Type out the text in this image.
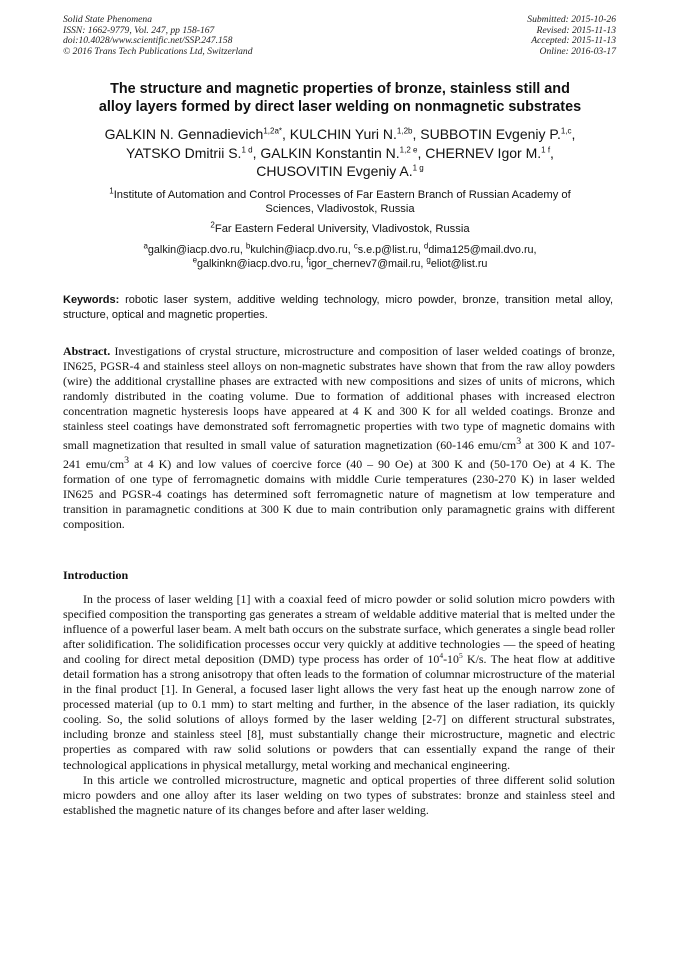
Solid State Phenomena
ISSN: 1662-9779, Vol. 247, pp 158-167
doi:10.4028/www.scientific.net/SSP.247.158
© 2016 Trans Tech Publications Ltd, Switzerland
Submitted: 2015-10-26
Revised: 2015-11-13
Accepted: 2015-11-13
Online: 2016-03-17
The structure and magnetic properties of bronze, stainless still and
alloy layers formed by direct laser welding on nonmagnetic substrates
GALKIN N. Gennadievich$^{1,2a*}$, KULCHIN Yuri N.$^{1,2b}$, SUBBOTIN Evgeniy P.$^{1,c}$,
YATSKO Dmitrii S.$^{1 d}$, GALKIN Konstantin N.$^{1,2 e}$, CHERNEV Igor M.$^{1 f}$,
CHUSOVITIN Evgeniy A.$^{1 g}$
$^1$Institute of Automation and Control Processes of Far Eastern Branch of Russian Academy of
Sciences, Vladivostok, Russia
$^2$Far Eastern Federal University, Vladivostok, Russia
$^a$galkin@iacp.dvo.ru, $^b$kulchin@iacp.dvo.ru, $^c$s.e.p@list.ru, $^d$dima125@mail.dvo.ru,
$^e$galkinkn@iacp.dvo.ru, $^f$igor_chernev7@mail.ru, $^g$eliot@list.ru
Keywords: robotic laser system, additive welding technology, micro powder, bronze, transition metal alloy, structure, optical and magnetic properties.
Abstract. Investigations of crystal structure, microstructure and composition of laser welded coatings of bronze, IN625, PGSR-4 and stainless steel alloys on non-magnetic substrates have shown that from the raw alloy powders (wire) the additional crystalline phases are extracted with new compositions and sizes of units of microns, which randomly distributed in the coating volume. Due to formation of additional phases with increased electron concentration magnetic hysteresis loops have appeared at 4 K and 300 K for all welded coatings. Bronze and stainless steel coatings have demonstrated soft ferromagnetic properties with two type of magnetic domains with small magnetization that resulted in small value of saturation magnetization (60-146 emu/$cm^3$ at 300 K and 107-241 emu/$cm^3$ at 4 K) and low values of coercive force (40 – 90 Oe) at 300 K and (50-170 Oe) at 4 K. The formation of one type of ferromagnetic domains with middle Curie temperatures (230-270 K) in laser welded IN625 and PGSR-4 coatings has determined soft ferromagnetic nature of magnetism at low temperature and transition in paramagnetic conditions at 300 K due to main contribution only paramagnetic grains with different composition.
Introduction

In the process of laser welding [1] with a coaxial feed of micro powder or solid solution micro powders with specified composition the transporting gas generates a stream of weldable additive material that is melted under the influence of a powerful laser beam. A melt bath occurs on the substrate surface, which generates a single bead roller after solidification. The solidification processes occur very quickly at additive technologies — the speed of heating and cooling for direct metal deposition (DMD) type process has order of $10^4-10^5$ K/s. The heat flow at additive detail formation has a strong anisotropy that often leads to the formation of columnar microstructure of the material in the final product [1]. In General, a focused laser light allows the very fast heat up the enough narrow zone of processed material (up to 0.1 mm) to start melting and further, in the absence of the laser radiation, its quickly cooling. So, the solid solutions of alloys formed by the laser welding [2-7] on different structural substrates, including bronze and stainless steel [8], must substantially change their microstructure, magnetic and electric properties as compared with raw solid solutions or powders that can essentially expand the range of their technological applications in physical metallurgy, metal working and mechanical engineering.

In this article we controlled microstructure, magnetic and optical properties of three different solid solution micro powders and one alloy after its laser welding on two types of substrates: bronze and stainless steel and established the magnetic nature of its changes before and after laser welding.
